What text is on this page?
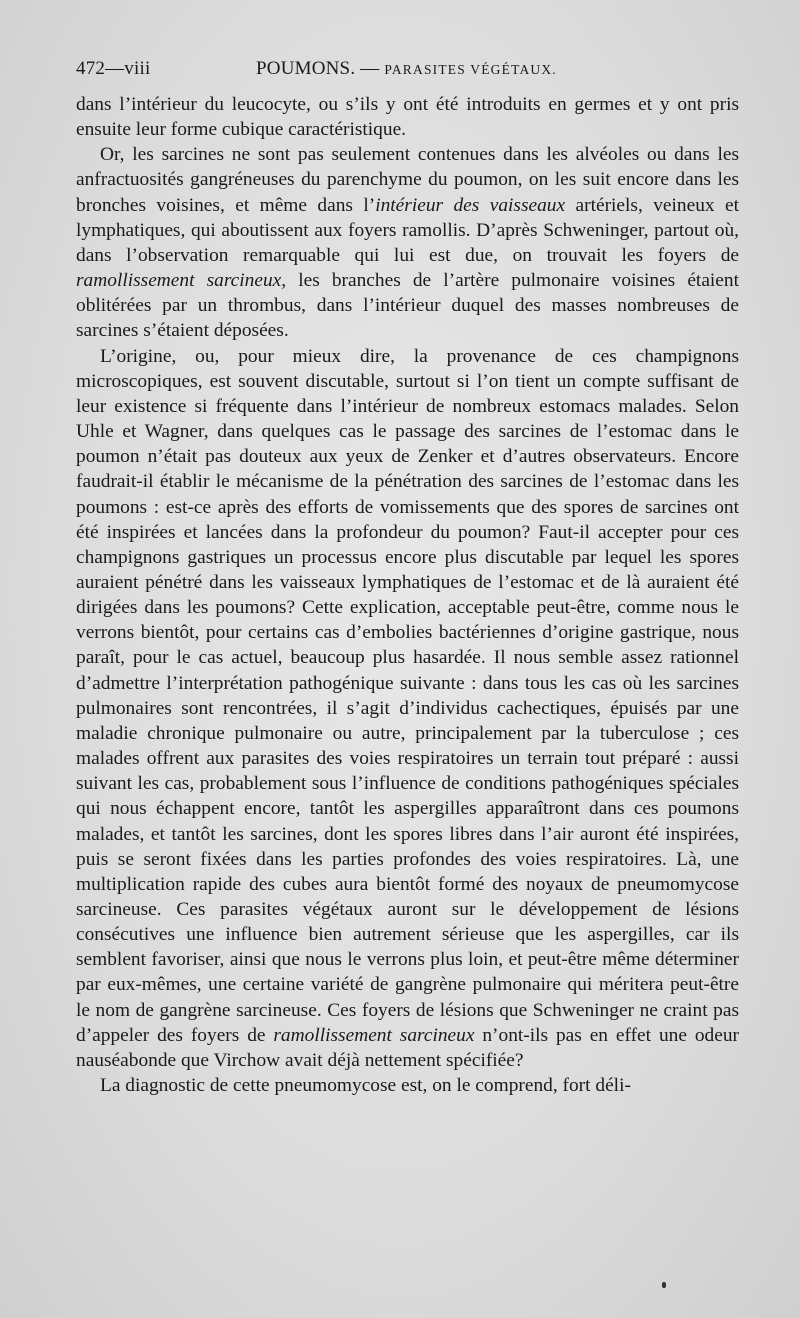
472—viii	POUMONS. — PARASITES VÉGÉTAUX.

dans l’intérieur du leucocyte, ou s’ils y ont été introduits en germes et y ont pris ensuite leur forme cubique caractéristique.

Or, les sarcines ne sont pas seulement contenues dans les alvéoles ou dans les anfractuosités gangréneuses du parenchyme du poumon, on les suit encore dans les bronches voisines, et même dans l’intérieur des vaisseaux artériels, veineux et lymphatiques, qui aboutissent aux foyers ramollis. D’après Schweninger, partout où, dans l’observation remarquable qui lui est due, on trouvait les foyers de ramollissement sarcineux, les branches de l’artère pulmonaire voisines étaient oblitérées par un thrombus, dans l’intérieur duquel des masses nombreuses de sarcines s’étaient déposées.

L’origine, ou, pour mieux dire, la provenance de ces champignons microscopiques, est souvent discutable, surtout si l’on tient un compte suffisant de leur existence si fréquente dans l’intérieur de nombreux estomacs malades. Selon Uhle et Wagner, dans quelques cas le passage des sarcines de l’estomac dans le poumon n’était pas douteux aux yeux de Zenker et d’autres observateurs. Encore faudrait-il établir le mécanisme de la pénétration des sarcines de l’estomac dans les poumons : est-ce après des efforts de vomissements que des spores de sarcines ont été inspirées et lancées dans la profondeur du poumon? Faut-il accepter pour ces champignons gastriques un processus encore plus discutable par lequel les spores auraient pénétré dans les vaisseaux lymphatiques de l’estomac et de là auraient été dirigées dans les poumons? Cette explication, acceptable peut-être, comme nous le verrons bientôt, pour certains cas d’embolies bactériennes d’origine gastrique, nous paraît, pour le cas actuel, beaucoup plus hasardée. Il nous semble assez rationnel d’admettre l’interprétation pathogénique suivante : dans tous les cas où les sarcines pulmonaires sont rencontrées, il s’agit d’individus cachectiques, épuisés par une maladie chronique pulmonaire ou autre, principalement par la tuberculose ; ces malades offrent aux parasites des voies respiratoires un terrain tout préparé : aussi suivant les cas, probablement sous l’influence de conditions pathogéniques spéciales qui nous échappent encore, tantôt les aspergilles apparaîtront dans ces poumons malades, et tantôt les sarcines, dont les spores libres dans l’air auront été inspirées, puis se seront fixées dans les parties profondes des voies respiratoires. Là, une multiplication rapide des cubes aura bientôt formé des noyaux de pneumomycose sarcineuse. Ces parasites végétaux auront sur le développement de lésions consécutives une influence bien autrement sérieuse que les aspergilles, car ils semblent favoriser, ainsi que nous le verrons plus loin, et peut-être même déterminer par eux-mêmes, une certaine variété de gangrène pulmonaire qui méritera peut-être le nom de gangrène sarcineuse. Ces foyers de lésions que Schweninger ne craint pas d’appeler des foyers de ramollissement sarcineux n’ont-ils pas en effet une odeur nauséabonde que Virchow avait déjà nettement spécifiée?

La diagnostic de cette pneumomycose est, on le comprend, fort déli-
